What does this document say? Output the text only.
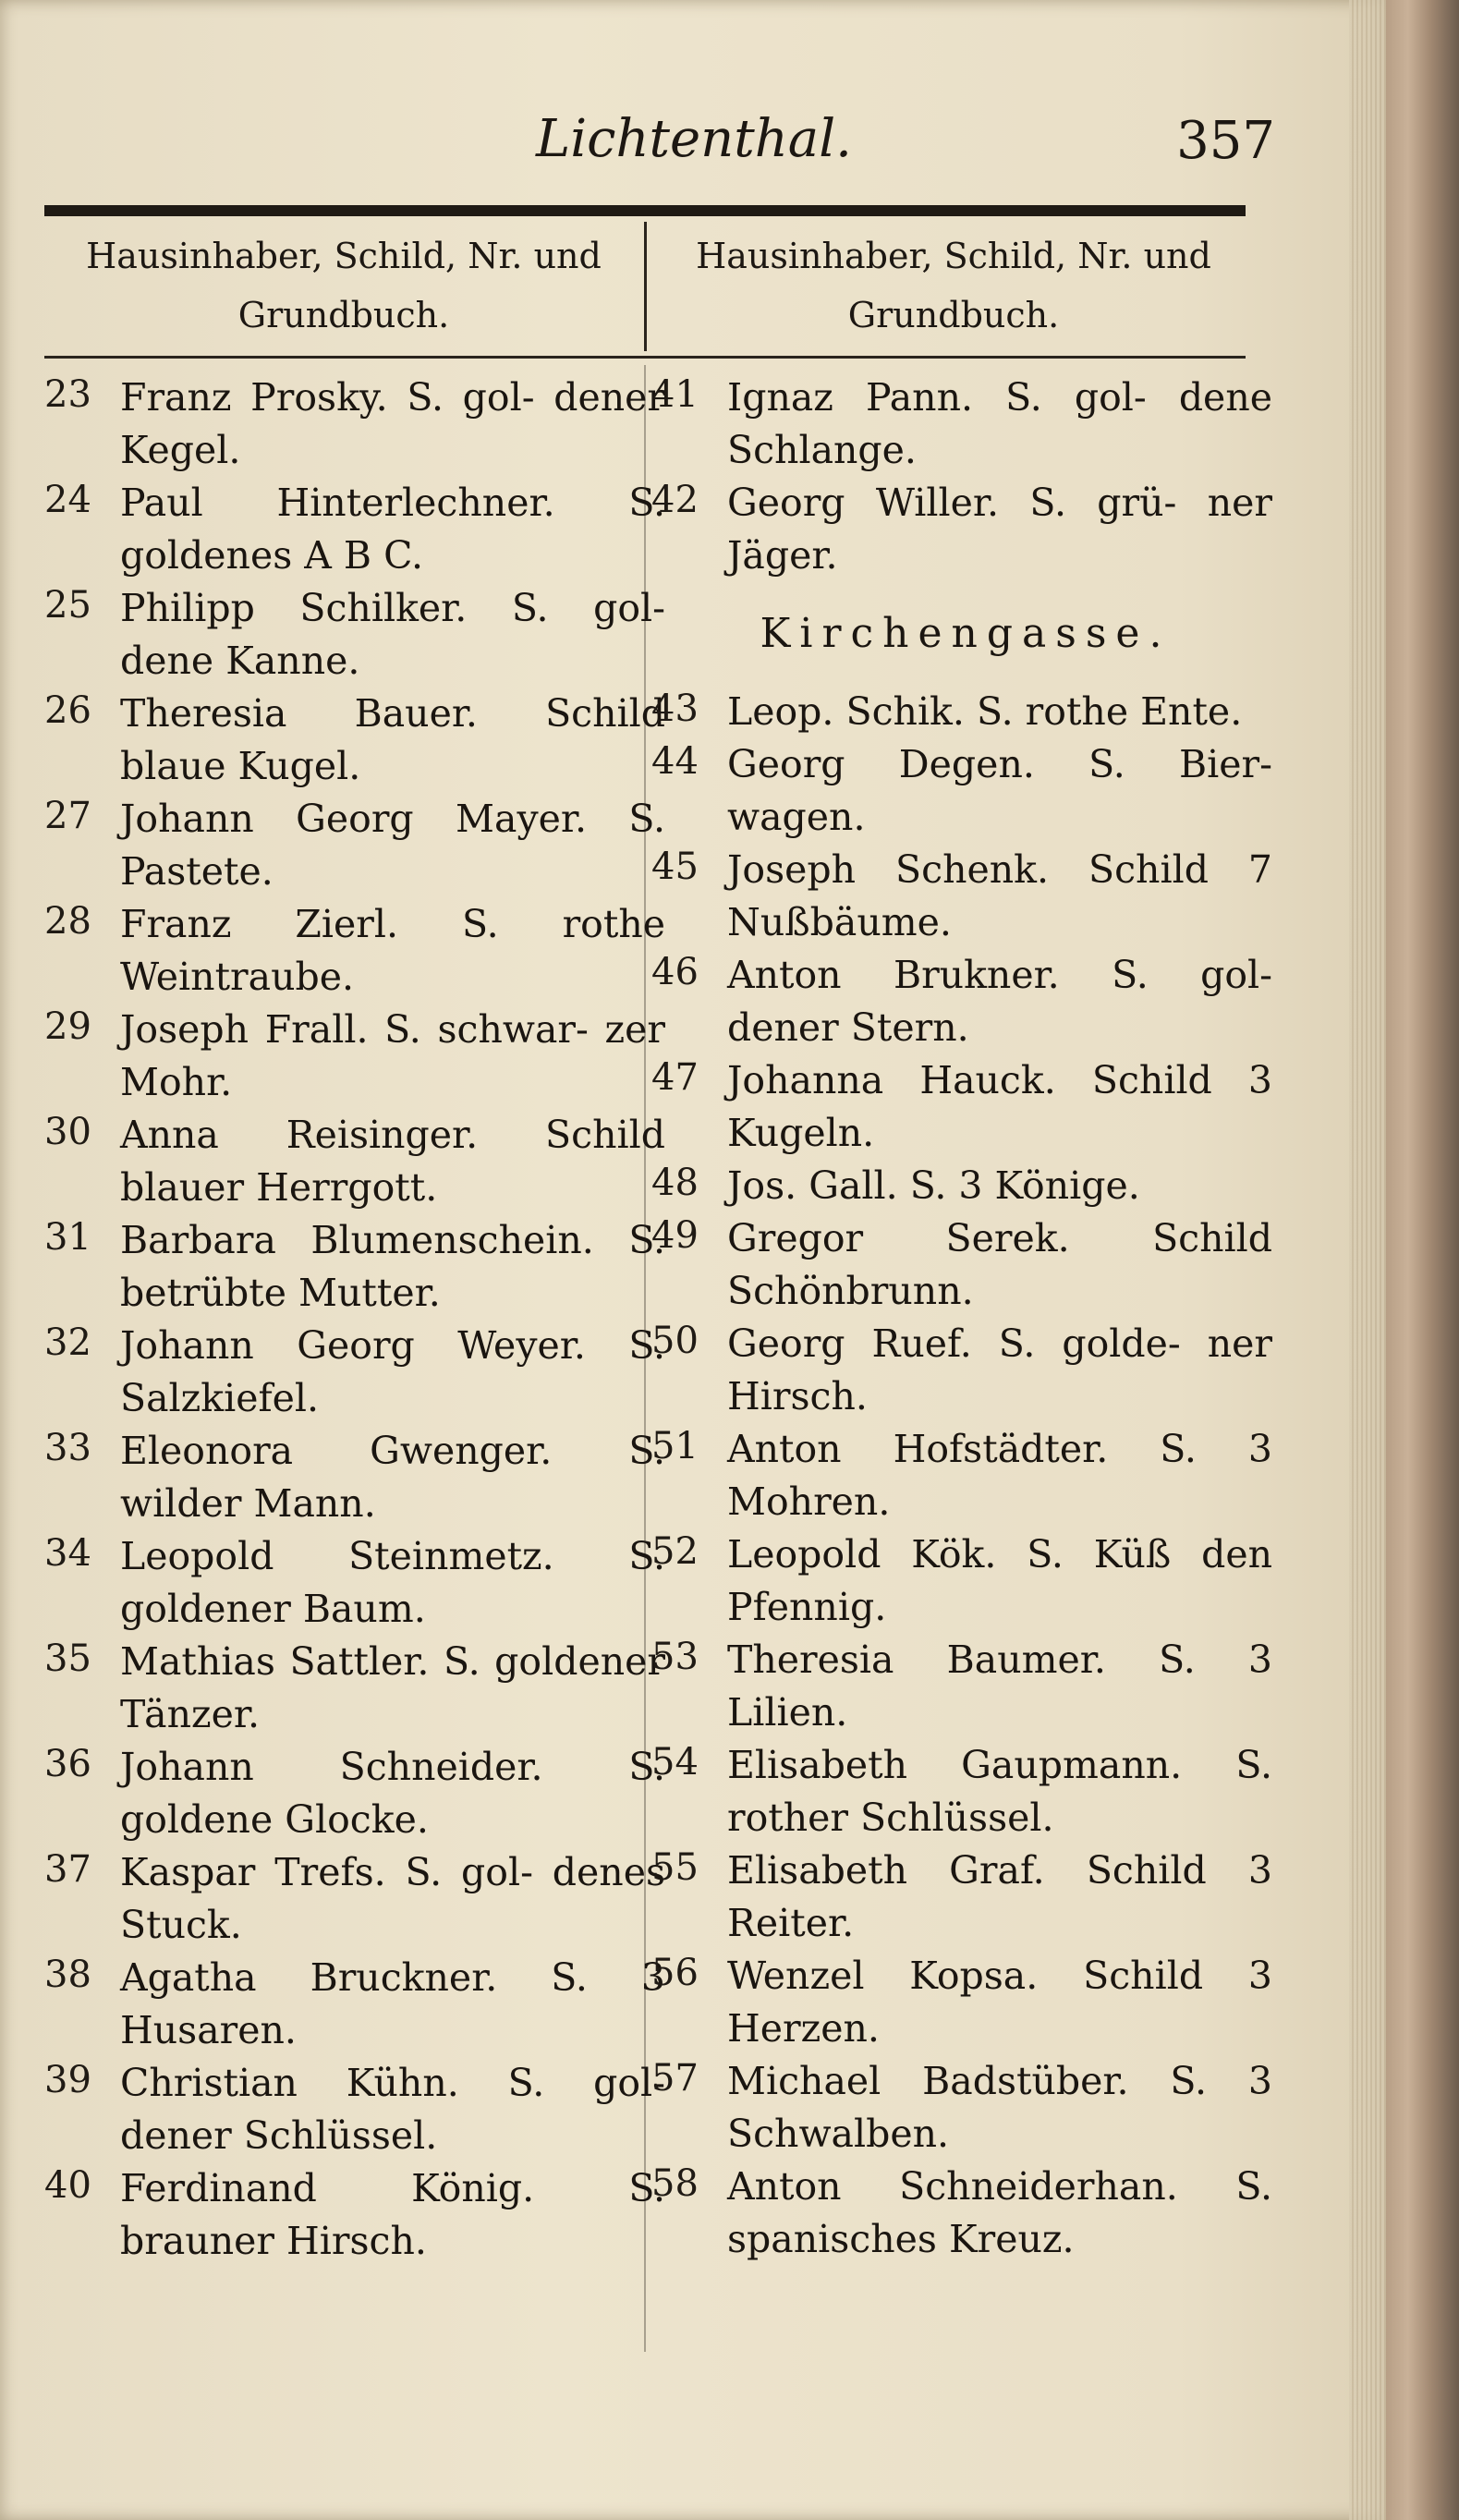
Lichtenthal.	357
Hausinhaber, Schild, Nr. und Grundbuch.
Hausinhaber, Schild, Nr. und Grundbuch.
23 Franz Prosky. S. gol- dener Kegel.
24 Paul Hinterlechner. S. goldenes A B C.
25 Philipp Schilker. S. gol- dene Kanne.
26 Theresia Bauer. Schild blaue Kugel.
27 Johann Georg Mayer. S. Pastete.
28 Franz Zierl. S. rothe Weintraube.
29 Joseph Frall. S. schwar- zer Mohr.
30 Anna Reisinger. Schild blauer Herrgott.
31 Barbara Blumenschein. S. betrübte Mutter.
32 Johann Georg Weyer. S. Salzkiefel.
33 Eleonora Gwenger. S. wilder Mann.
34 Leopold Steinmetz. S. goldener Baum.
35 Mathias Sattler. S. goldener Tänzer.
36 Johann Schneider. S. goldene Glocke.
37 Kaspar Trefs. S. gol- denes Stuck.
38 Agatha Bruckner. S. 3 Husaren.
39 Christian Kühn. S. gol- dener Schlüssel.
40 Ferdinand König. S. brauner Hirsch.
41 Ignaz Pann. S. gol- dene Schlange.
42 Georg Willer. S. grü- ner Jäger.
Kirchengasse.
43 Leop. Schik. S. rothe Ente.
44 Georg Degen. S. Bier- wagen.
45 Joseph Schenk. Schild 7 Nußbäume.
46 Anton Brukner. S. gol- dener Stern.
47 Johanna Hauck. Schild 3 Kugeln.
48 Jos. Gall. S. 3 Könige.
49 Gregor Serek. Schild Schönbrunn.
50 Georg Ruef. S. golde- ner Hirsch.
51 Anton Hofstädter. S. 3 Mohren.
52 Leopold Kök. S. Küß den Pfennig.
53 Theresia Baumer. S. 3 Lilien.
54 Elisabeth Gaupmann. S. rother Schlüssel.
55 Elisabeth Graf. Schild 3 Reiter.
56 Wenzel Kopsa. Schild 3 Herzen.
57 Michael Badstüber. S. 3 Schwalben.
58 Anton Schneiderhan. S. spanisches Kreuz.
